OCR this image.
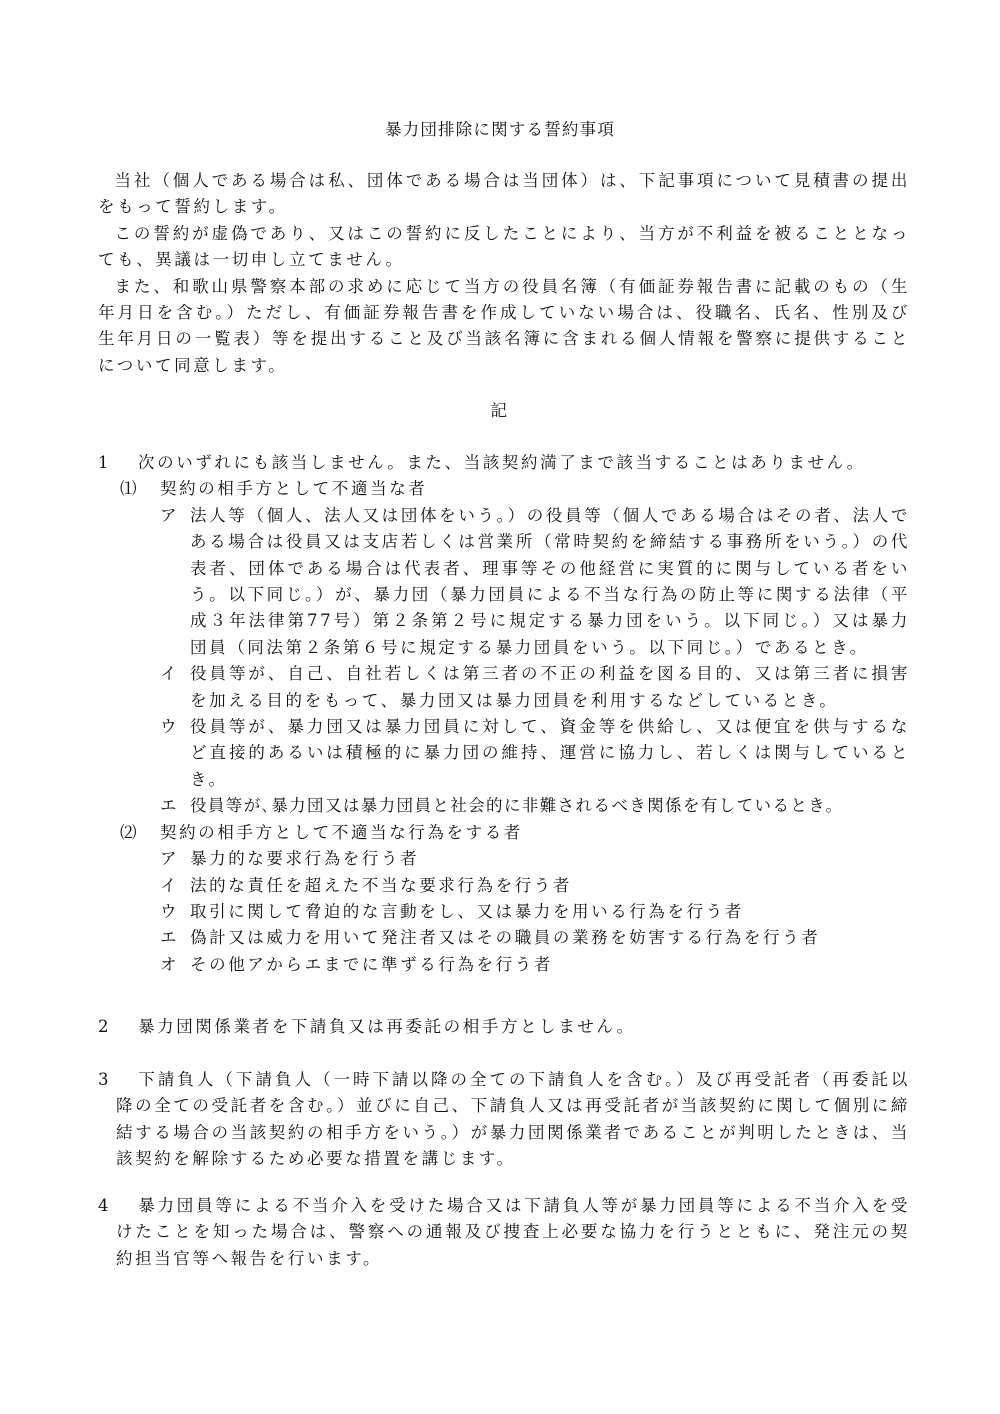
暴力団排除に関する誓約事項

当社（個人である場合は私、団体である場合は当団体）は、下記事項について見積書の提出をもって誓約します。

この誓約が虚偽であり、又はこの誓約に反したことにより、当方が不利益を被ることとなっても、異議は一切申し立てません。

また、和歌山県警察本部の求めに応じて当方の役員名簿（有価証券報告書に記載のもの（生年月日を含む。）ただし、有価証券報告書を作成していない場合は、役職名、氏名、性別及び生年月日の一覧表）等を提出すること及び当該名簿に含まれる個人情報を警察に提供することについて同意します。

記
1 次のいずれにも該当しません。また、当該契約満了まで該当することはありません。
⑴	契約の相手方として不適当な者
ア 法人等（個人、法人又は団体をいう。）の役員等（個人である場合はその者、法人である場合は役員又は支店若しくは営業所（常時契約を締結する事務所をいう。）の代表者、団体である場合は代表者、理事等その他経営に実質的に関与している者をいう。以下同じ。）が、暴力団（暴力団員による不当な行為の防止等に関する法律（平成３年法律第77号）第２条第２号に規定する暴力団をいう。以下同じ。）又は暴力団員（同法第２条第６号に規定する暴力団員をいう。以下同じ。）であるとき。
イ 役員等が、自己、自社若しくは第三者の不正の利益を図る目的、又は第三者に損害を加える目的をもって、暴力団又は暴力団員を利用するなどしているとき。
ウ 役員等が、暴力団又は暴力団員に対して、資金等を供給し、又は便宜を供与するなど直接的あるいは積極的に暴力団の維持、運営に協力し、若しくは関与しているとき。
エ 役員等が､暴力団又は暴力団員と社会的に非難されるべき関係を有しているとき。
⑵	契約の相手方として不適当な行為をする者
ア 暴力的な要求行為を行う者
イ 法的な責任を超えた不当な要求行為を行う者
ウ 取引に関して脅迫的な言動をし、又は暴力を用いる行為を行う者
エ 偽計又は威力を用いて発注者又はその職員の業務を妨害する行為を行う者
オ その他アからエまでに準ずる行為を行う者
2 暴力団関係業者を下請負又は再委託の相手方としません。
3 下請負人（下請負人（一時下請以降の全ての下請負人を含む。）及び再受託者（再委託以降の全ての受託者を含む。）並びに自己、下請負人又は再受託者が当該契約に関して個別に締結する場合の当該契約の相手方をいう。）が暴力団関係業者であることが判明したときは、当該契約を解除するため必要な措置を講じます。
4 暴力団員等による不当介入を受けた場合又は下請負人等が暴力団員等による不当介入を受けたことを知った場合は、警察への通報及び捜査上必要な協力を行うとともに、発注元の契約担当官等へ報告を行います。
